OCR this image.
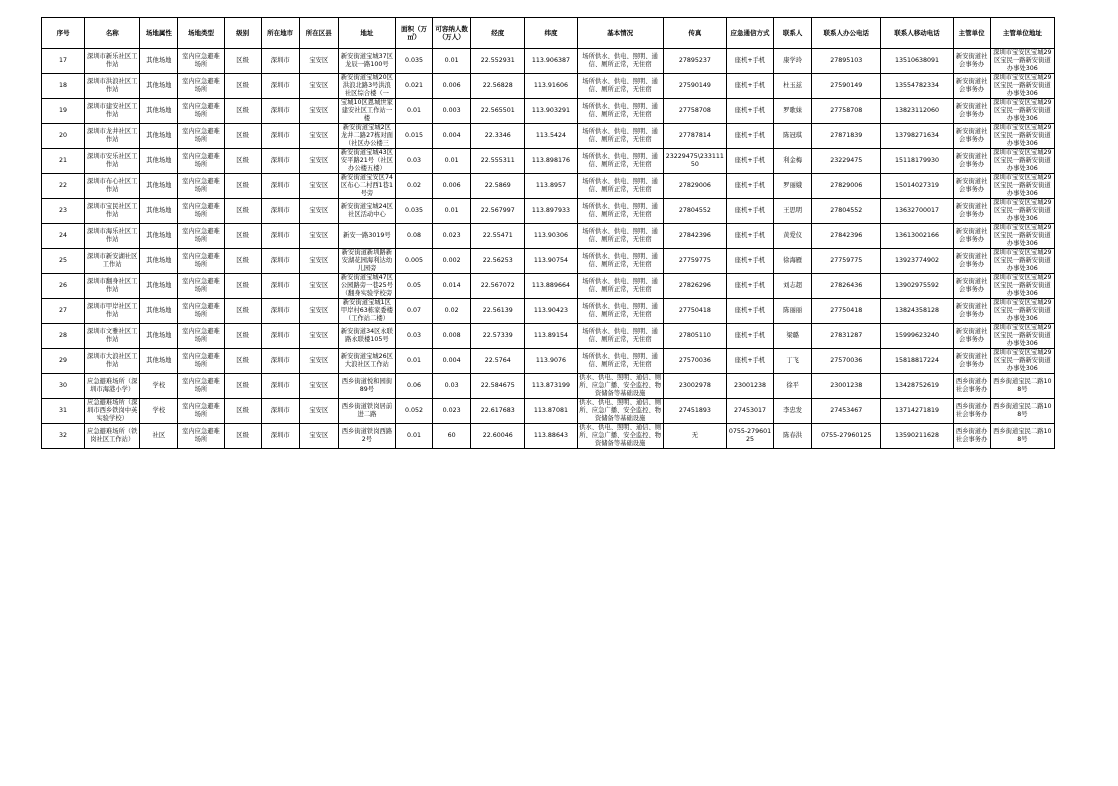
序号	名称	场地属性	场地类型	级别	所在地市	所在区县	地址	面积（万㎡）	可容纳人数（万人）	经度	纬度	基本情况	传真	应急通信方式	联系人	联系人办公电话	联系人移动电话	主管单位	主管单位地址
17	深圳市新乐社区工作站	其他场地	室内应急避难场所	区级	深圳市	宝安区	新安街道宝城37区龙辰一路100号	0.035	0.01	22.552931	113.906387	场所供水、供电、照明、通信、厕所正常，无住宿	27895237	座机+手机	康学玲	27895103	13510638091	新安街道社会事务办	深圳市宝安区宝城29区宝民一路新安街道办事处306
18	深圳市洪浪社区工作站	其他场地	室内应急避难场所	区级	深圳市	宝安区	新安街道宝城20区洪浪北路3号洪浪社区综合楼（一	0.021	0.006	22.56828	113.91606	场所供水、供电、照明、通信、厕所正常，无住宿	27590149	座机+手机	杜玉兹	27590149	13554782334	新安街道社会事务办	深圳市宝安区宝城29区宝民一路新安街道办事处306
19	深圳市建安社区工作站	其他场地	室内应急避难场所	区级	深圳市	宝安区	宝城10区恩城世家建安社区工作站一楼	0.01	0.003	22.565501	113.903291	场所供水、供电、照明、通信、厕所正常，无住宿	27758708	座机+手机	罗歌妹	27758708	13823112060	新安街道社会事务办	深圳市宝安区宝城29区宝民一路新安街道办事处306
20	深圳市龙井社区工作站	其他场地	室内应急避难场所	区级	深圳市	宝安区	新安街道宝城2区龙井二路27栋对面（社区办公楼三	0.015	0.004	22.3346	113.5424	场所供水、供电、照明、通信、厕所正常，无住宿	27787814	座机+手机	陈冠琪	27871839	13798271634	新安街道社会事务办	深圳市宝安区宝城29区宝民一路新安街道办事处306
21	深圳市安乐社区工作站	其他场地	室内应急避难场所	区级	深圳市	宝安区	新安街道宝城43区安平路21号（社区办公楼五楼）	0.03	0.01	22.555311	113.898176	场所供水、供电、照明、通信、厕所正常，无住宿	23229475\23311150	座机+手机	利金梅	23229475	15118179930	新安街道社会事务办	深圳市宝安区宝城29区宝民一路新安街道办事处306
22	深圳市布心社区工作站	其他场地	室内应急避难场所	区级	深圳市	宝安区	新安街道宝安区74区布心二村西1巷1号旁	0.02	0.006	22.5869	113.8957	场所供水、供电、照明、通信、厕所正常，无住宿	27829006	座机+手机	罗丽娥	27829006	15014027319	新安街道社会事务办	深圳市宝安区宝城29区宝民一路新安街道办事处306
23	深圳市宝民社区工作站	其他场地	室内应急避难场所	区级	深圳市	宝安区	新安街道宝城24区社区活动中心	0.035	0.01	22.567997	113.897933	场所供水、供电、照明、通信、厕所正常，无住宿	27804552	座机+手机	王思明	27804552	13632700017	新安街道社会事务办	深圳市宝安区宝城29区宝民一路新安街道办事处306
24	深圳市海乐社区工作站	其他场地	室内应急避难场所	区级	深圳市	宝安区	新安一路3019号	0.08	0.023	22.55471	113.90306	场所供水、供电、照明、通信、厕所正常，无住宿	27842396	座机+手机	黄爱仪	27842396	13613002166	新安街道社会事务办	深圳市宝安区宝城29区宝民一路新安街道办事处306
25	深圳市新安湖社区工作站	其他场地	室内应急避难场所	区级	深圳市	宝安区	新安街道新圳路新安湖花园海利达幼儿园旁	0.005	0.002	22.56253	113.90754	场所供水、供电、照明、通信、厕所正常，无住宿	27759775	座机+手机	徐海雁	27759775	13923774902	新安街道社会事务办	深圳市宝安区宝城29区宝民一路新安街道办事处306
26	深圳市翻身社区工作站	其他场地	室内应急避难场所	区级	深圳市	宝安区	新安街道宝城47区公园路旁一巷25号（翻身实验学校旁	0.05	0.014	22.567072	113.889664	场所供水、供电、照明、通信、厕所正常，无住宿	27826296	座机+手机	刘志超	27826436	13902975592	新安街道社会事务办	深圳市宝安区宝城29区宝民一路新安街道办事处306
27	深圳市甲岸社区工作站	其他场地	室内应急避难场所	区级	深圳市	宝安区	新安街道宝城1区甲岸村63栋家委楼（工作站二楼）	0.07	0.02	22.56139	113.90423	场所供水、供电、照明、通信、厕所正常，无住宿	27750418	座机+手机	陈丽丽	27750418	13824358128	新安街道社会事务办	深圳市宝安区宝城29区宝民一路新安街道办事处306
28	深圳市文雅社区工作站	其他场地	室内应急避难场所	区级	深圳市	宝安区	新安街道34区永联路永联楼105号	0.03	0.008	22.57339	113.89154	场所供水、供电、照明、通信、厕所正常，无住宿	27805110	座机+手机	梁璐	27831287	15999623240	新安街道社会事务办	深圳市宝安区宝城29区宝民一路新安街道办事处306
29	深圳市大浪社区工作站	其他场地	室内应急避难场所	区级	深圳市	宝安区	新安街道宝城26区大浪社区工作站	0.01	0.004	22.5764	113.9076	场所供水、供电、照明、通信、厕所正常，无住宿	27570036	座机+手机	丁飞	27570036	15818817224	新安街道社会事务办	深圳市宝安区宝城29区宝民一路新安街道办事处306
30	应急避难场所（深圳市海港小学）	学校	室内应急避难场所	区级	深圳市	宝安区	西乡街道悦和园街89号	0.06	0.03	22.584675	113.873199	供水、供电、照明、通信、厕所、应急广播、安全监控、物资储备等基础设施	23002978	23001238	徐平	23001238	13428752619	西乡街道办社会事务办	西乡街道宝民二路108号
31	应急避难场所（深圳市西乡铁岗中英实验学校）	学校	室内应急避难场所	区级	深圳市	宝安区	西乡街道铁岗居前进二路	0.052	0.023	22.617683	113.87081	供水、供电、照明、通信、厕所、应急广播、安全监控、物资储备等基础设施	27451893	27453017	李忠发	27453467	13714271819	西乡街道办社会事务办	西乡街道宝民二路108号
32	应急避难场所（铁岗社区工作站）	社区	室内应急避难场所	区级	深圳市	宝安区	西乡街道铁岗西路2号	0.01	60	22.60046	113.88643	供水、供电、照明、通信、厕所、应急广播、安全监控、物资储备等基础设施	无	0755-27960125	陈春洪	0755-27960125	13590211628	西乡街道办社会事务办	西乡街道宝民二路108号
